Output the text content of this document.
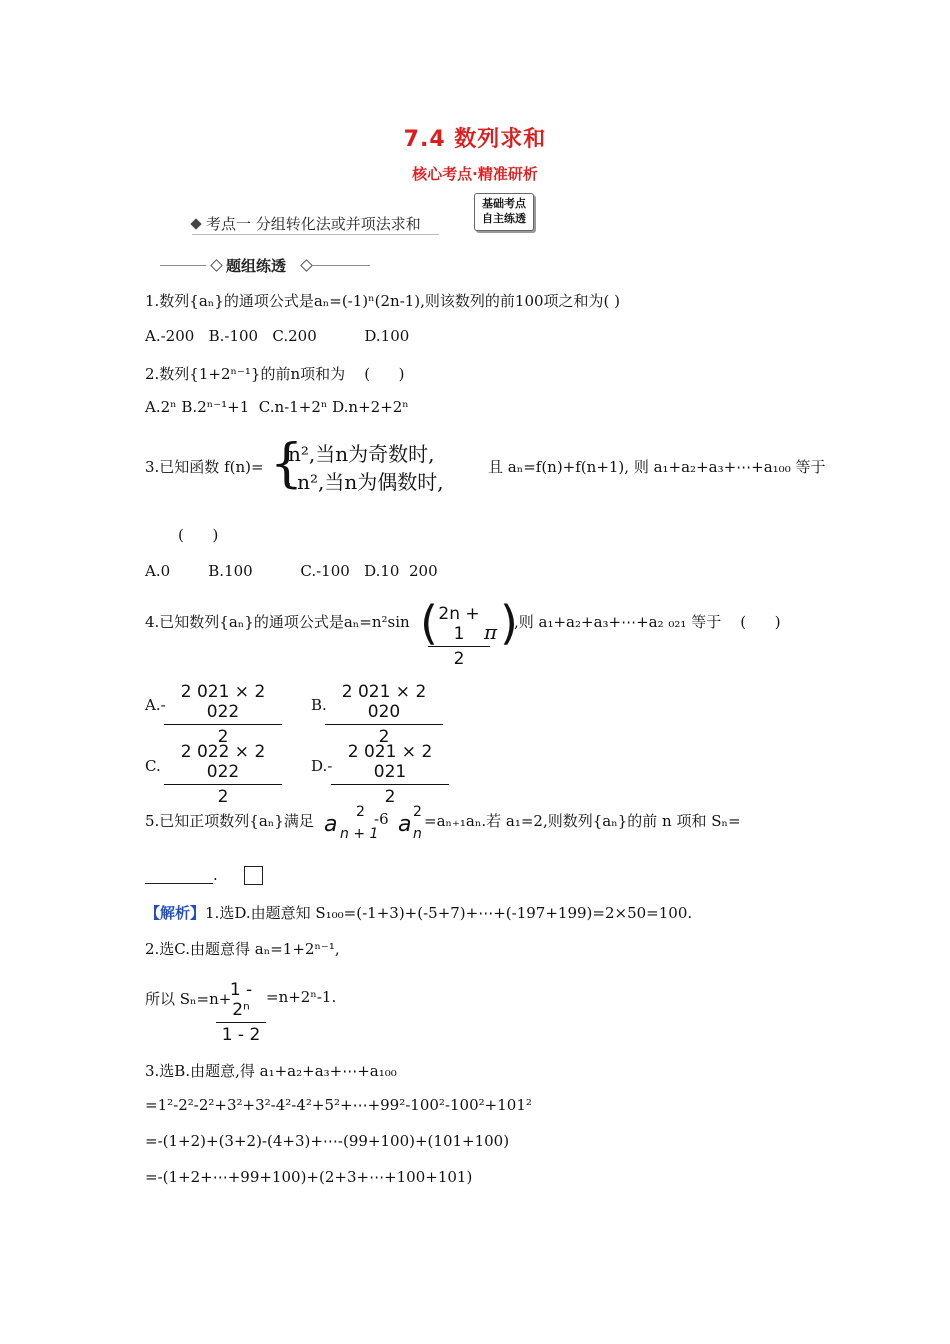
7.4 数列求和
核心考点·精准研析
考点一 分组转化法或并项法求和
基础考点
自主练透
题组练透
1.数列{aₙ}的通项公式是aₙ=(-1)ⁿ(2n-1),则该数列的前100项之和为( )
A.-200   B.-100   C.200          D.100
2.数列{1+2ⁿ⁻¹}的前n项和为    (      )
A.2ⁿ B.2ⁿ⁻¹+1  C.n-1+2ⁿ D.n+2+2ⁿ
3.已知函数 f(n)= {
n²,当n为奇数时,
- n²,当n为偶数时,
且 aₙ=f(n)+f(n+1), 则 a₁+a₂+a₃+⋯+a₁₀₀ 等于
(      )
A.0        B.100          C.-100   D.10  200
4.已知数列{aₙ}的通项公式是aₙ=n²sin (
$\frac{2n + 1}{2}$
π )
,则 a₁+a₂+a₃+⋯+a₂ ₀₂₁ 等于    (      )
A.-
$\frac{2 021 \times 2 022}{2} B$.
$\frac{2 021 \times 2 020}{2}$
C. $\frac{2 022 \times 2 022}{2} D.-$
$\frac{2 021 \times 2 021}{2}$
5.已知正项数列{aₙ}满足 a n + 1
2 -6 a n
2 =aₙ₊₁aₙ.若 a₁=2,则数列{aₙ}的前 n 项和 Sₙ=
.
【解析】1.选D.由题意知 S₁₀₀=(-1+3)+(-5+7)+⋯+(-197+199)=2×50=100.
2.选C.由题意得 aₙ=1+2ⁿ⁻¹,
所以 Sₙ=n+
$\frac{\text{1 - 2ⁿ}}{1 - 2} =n+2^n-1$.
3.选B.由题意,得 a₁+a₂+a₃+⋯+a₁₀₀
=1²-2²-2²+3²+3²-4²-4²+5²+⋯+99²-100²-100²+101²
=-(1+2)+(3+2)-(4+3)+⋯-(99+100)+(101+100)
=-(1+2+⋯+99+100)+(2+3+⋯+100+101)
